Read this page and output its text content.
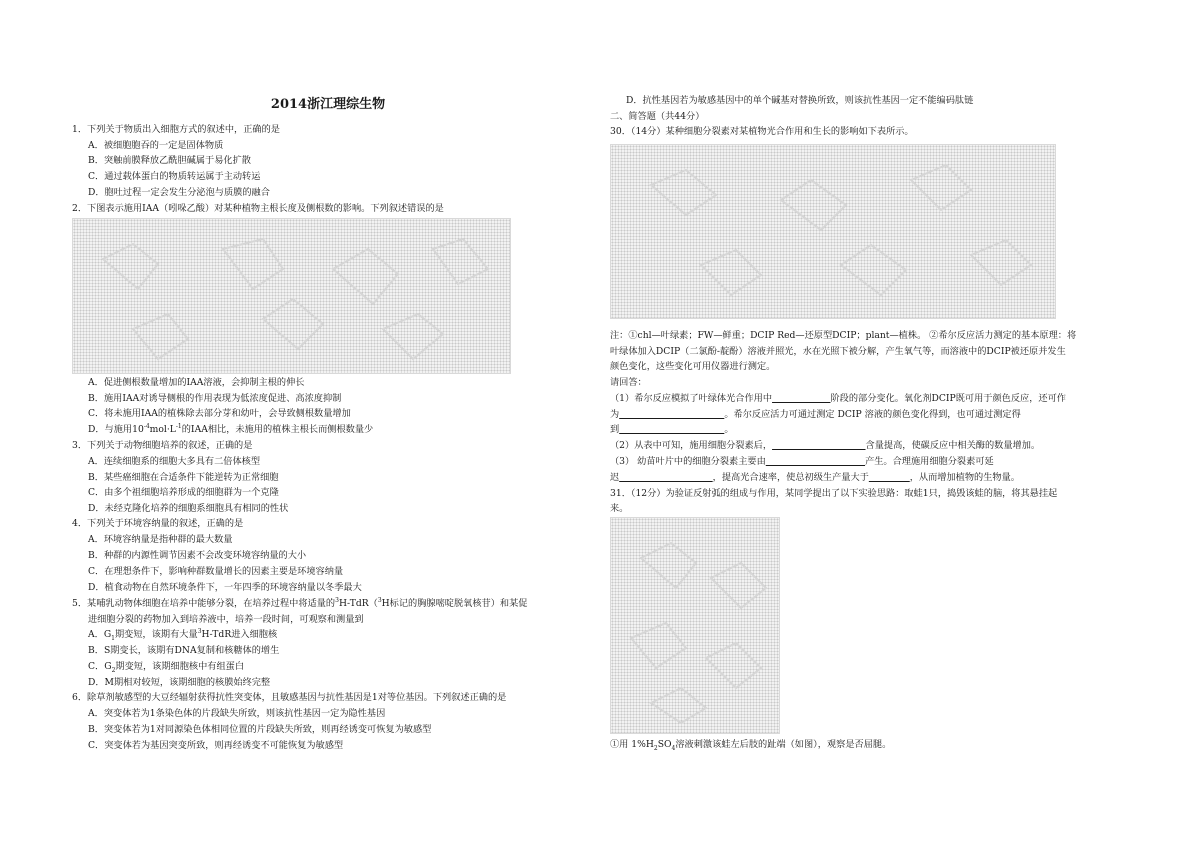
2014浙江理综生物
1．下列关于物质出入细胞方式的叙述中，正确的是
A．被细胞胞吞的一定是固体物质
B．突触前膜释放乙酰胆碱属于易化扩散
C．通过载体蛋白的物质转运属于主动转运
D．胞吐过程一定会发生分泌泡与质膜的融合
2．下图表示施用IAA（吲哚乙酸）对某种植物主根长度及侧根数的影响。下列叙述错误的是
A．促进侧根数量增加的IAA溶液，会抑制主根的伸长
B．施用IAA对诱导侧根的作用表现为低浓度促进、高浓度抑制
C．将未施用IAA的植株除去部分芽和幼叶，会导致侧根数量增加
D．与施用$10^{-4}mol\cdot L^{-1}$的IAA相比，未施用的植株主根长而侧根数量少
3．下列关于动物细胞培养的叙述，正确的是
A．连续细胞系的细胞大多具有二倍体核型
B．某些癌细胞在合适条件下能逆转为正常细胞
C．由多个祖细胞培养形成的细胞群为一个克隆
D．未经克隆化培养的细胞系细胞具有相同的性状
4．下列关于环境容纳量的叙述，正确的是
A．环境容纳量是指种群的最大数量
B．种群的内源性调节因素不会改变环境容纳量的大小
C．在理想条件下，影响种群数量增长的因素主要是环境容纳量
D．植食动物在自然环境条件下，一年四季的环境容纳量以冬季最大
5．某哺乳动物体细胞在培养中能够分裂，在培养过程中将适量的$^3$H-TdR（$^3$H标记的胸腺嘧啶脱氧核苷）和某促
进细胞分裂的药物加入到培养液中，培养一段时间，可观察和测量到
A．$G_1$期变短，该期有大量$^3$H-TdR进入细胞核
B．S期变长，该期有DNA复制和核糖体的增生
C．$G_2$期变短，该期细胞核中有组蛋白
D．M期相对较短，该期细胞的核膜始终完整
6．除草剂敏感型的大豆经辐射获得抗性突变体，且敏感基因与抗性基因是1对等位基因。下列叙述正确的是
A．突变体若为1条染色体的片段缺失所致，则该抗性基因一定为隐性基因
B．突变体若为1对同源染色体相同位置的片段缺失所致，则再经诱变可恢复为敏感型
C．突变体若为基因突变所致，则再经诱变不可能恢复为敏感型
D．抗性基因若为敏感基因中的单个碱基对替换所致，则该抗性基因一定不能编码肽链
二、简答题（共44分）
30．（14分）某种细胞分裂素对某植物光合作用和生长的影响如下表所示。
注：①chl—叶绿素；FW—鲜重；DCIP Red—还原型DCIP；plant—植株。 ②希尔反应活力测定的基本原理：将
叶绿体加入DCIP（二氯酚-靛酚）溶液并照光，水在光照下被分解，产生氧气等，而溶液中的DCIP被还原并发生
颜色变化，这些变化可用仪器进行测定。
请回答：
（1）希尔反应模拟了叶绿体光合作用中	阶段的部分变化。氧化剂DCIP既可用于颜色反应，还可作
为	。希尔反应活力可通过测定 DCIP 溶液的颜色变化得到，也可通过测定得
到	。
（2）从表中可知，施用细胞分裂素后，	含量提高，使碳反应中相关酶的数量增加。
（3） 幼苗叶片中的细胞分裂素主要由	产生。合理施用细胞分裂素可延
迟	，提高光合速率，使总初级生产量大于	，从而增加植物的生物量。
31．（12分）为验证反射弧的组成与作用，某同学提出了以下实验思路：取蛙1只，捣毁该蛙的脑，将其悬挂起
来。
①用 $1\%H_2SO_4$溶液刺激该蛙左后肢的趾端（如图），观察是否屈腿。
